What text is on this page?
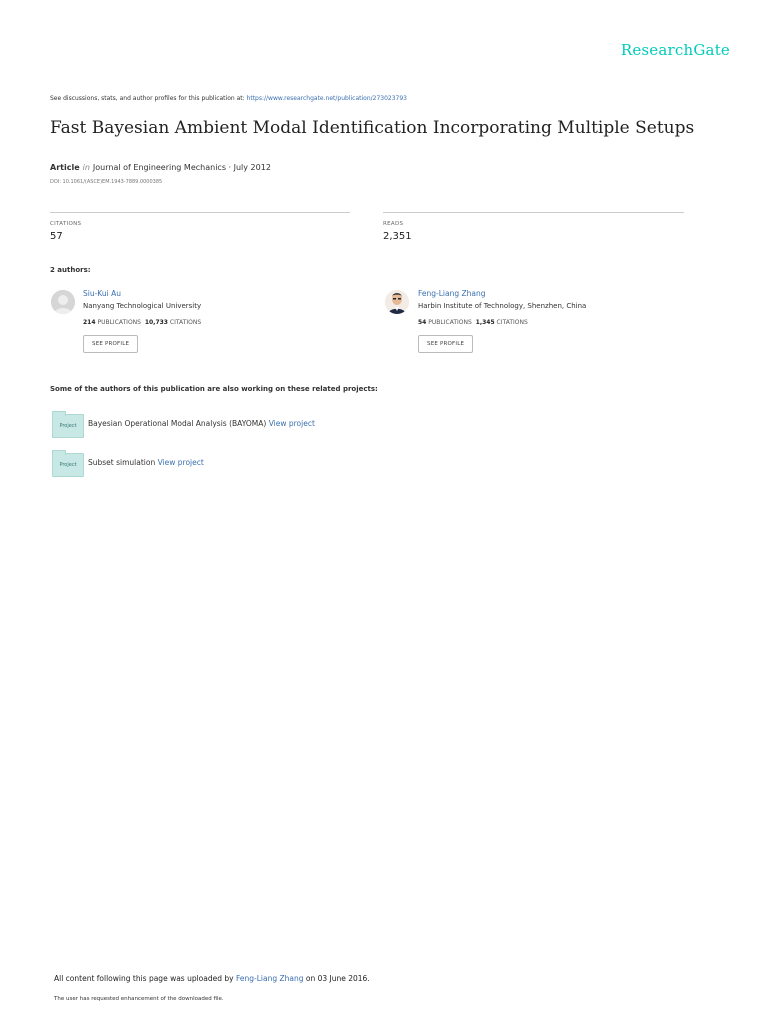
ResearchGate
See discussions, stats, and author profiles for this publication at: https://www.researchgate.net/publication/273023793
Fast Bayesian Ambient Modal Identification Incorporating Multiple Setups
Article in Journal of Engineering Mechanics · July 2012
DOI: 10.1061/(ASCE)EM.1943-7889.0000385
CITATIONS
57
READS
2,351
2 authors:
Siu-Kui Au
Nanyang Technological University
214 PUBLICATIONS 10,733 CITATIONS
SEE PROFILE
Feng-Liang Zhang
Harbin Institute of Technology, Shenzhen, China
54 PUBLICATIONS 1,345 CITATIONS
SEE PROFILE
Some of the authors of this publication are also working on these related projects:
Project	Bayesian Operational Modal Analysis (BAYOMA) View project
Project	Subset simulation View project
All content following this page was uploaded by Feng-Liang Zhang on 03 June 2016.
The user has requested enhancement of the downloaded file.
